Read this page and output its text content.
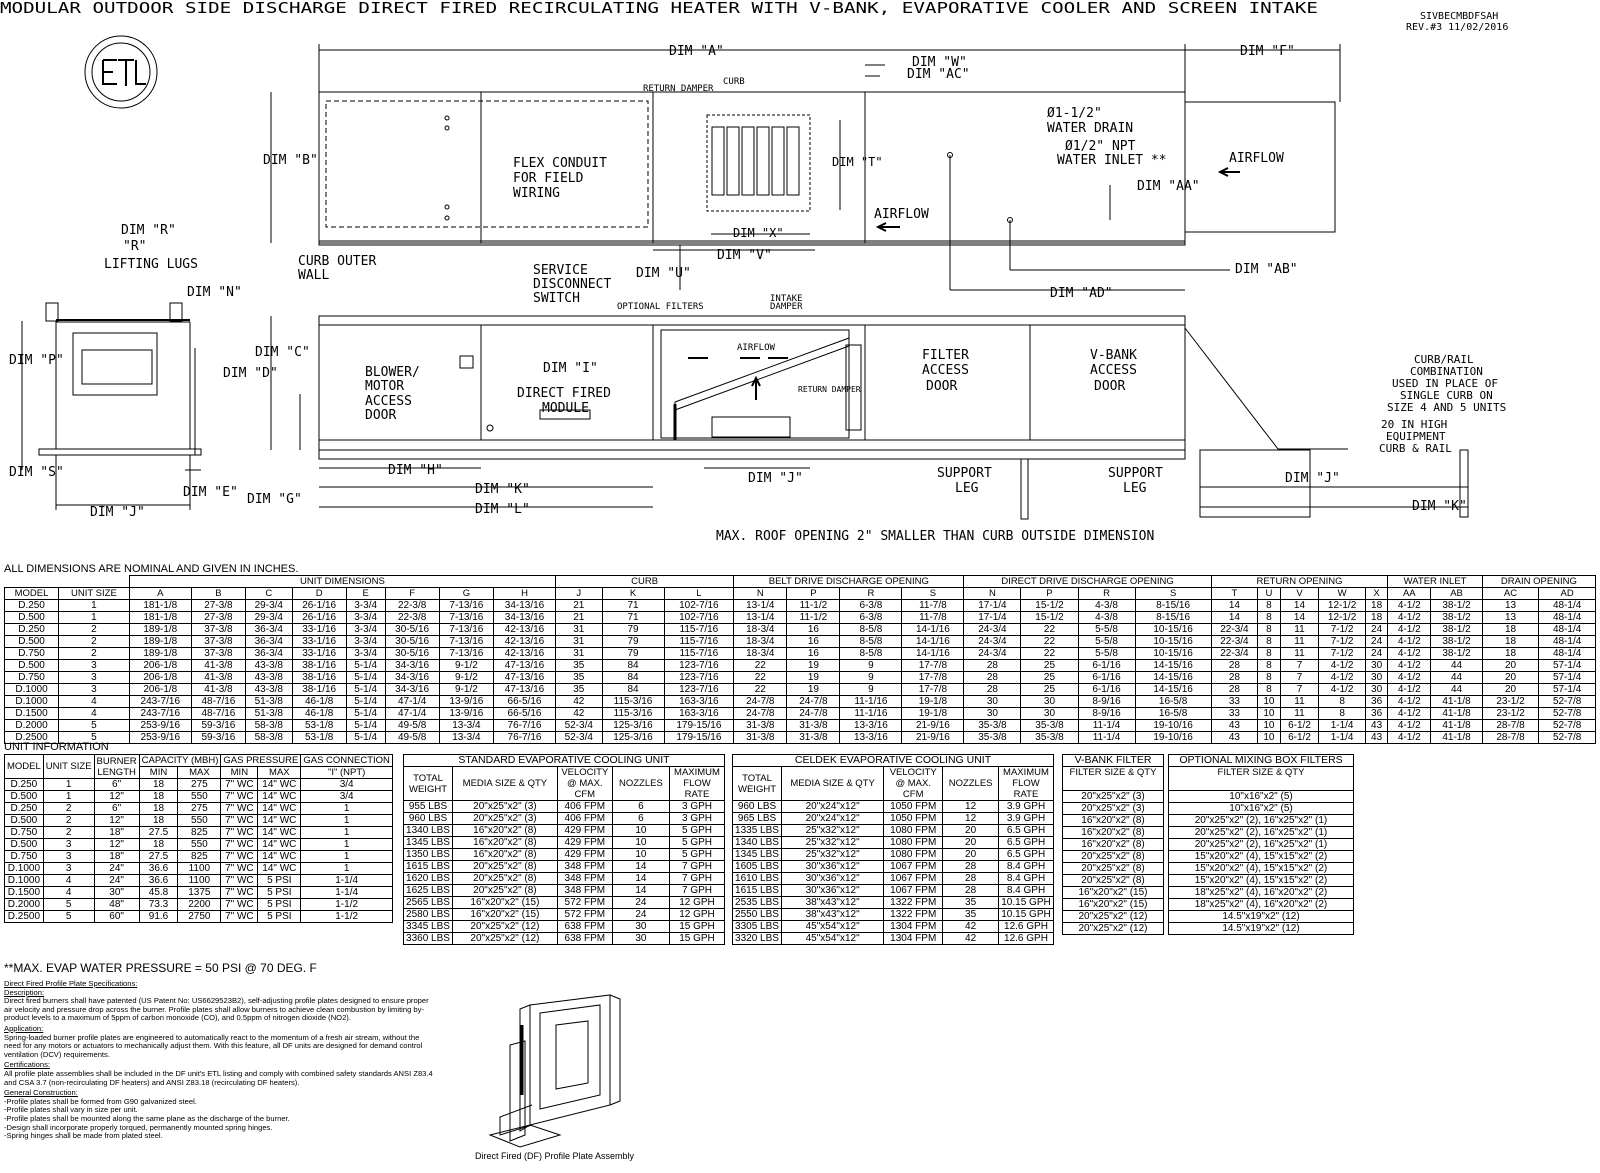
MODULAR OUTDOOR SIDE DISCHARGE DIRECT FIRED RECIRCULATING HEATER WITH V-BANK, EVAPORATIVE COOLER AND SCREEN INTAKE	SIVBECMBDFSAH
REV.#3 11/02/2016
DIM "A"
DIM "W"
DIM "AC"
DIM "F"
DIM "B"
RETURN DAMPER
CURB
FLEX CONDUIT
FOR FIELD
WIRING
DIM "T"
DIM "X"
DIM "V"
Ø1-1/2"
WATER DRAIN
Ø1/2" NPT
WATER INLET **
DIM "AA"
AIRFLOW
AIRFLOW
DIM "AB"
DIM "AD"
DIM "U"
DIM "R"
"R"
LIFTING LUGS
DIM "N"
DIM "P"
DIM "D"
DIM "S"
DIM "E" DIM "G"
DIM "J"
CURB OUTER
WALL	SERVICE
DISCONNECT
SWITCH
OPTIONAL FILTERS
INTAKE
DAMPER
DIM "C"
BLOWER/
MOTOR
ACCESS
DOOR
DIM "I"
DIRECT FIRED
MODULE
AIRFLOW
RETURN DAMPER
FILTER
ACCESS
DOOR
V-BANK
ACCESS
DOOR
CURB/RAIL
COMBINATION
USED IN PLACE OF
SINGLE CURB ON
SIZE 4 AND 5 UNITS
20 IN HIGH
EQUIPMENT
CURB & RAIL
DIM "H"
DIM "K"
DIM "L"
DIM "J"	SUPPORT
LEG
SUPPORT
LEG
DIM "J"
DIM "K"
MAX. ROOF OPENING 2" SMALLER THAN CURB OUTSIDE DIMENSION
ALL DIMENSIONS ARE NOMINAL AND GIVEN IN INCHES.
		UNIT DIMENSIONS								CURB			BELT DRIVE DISCHARGE OPENING				DIRECT DRIVE DISCHARGE OPENING				RETURN OPENING					WATER INLET		DRAIN OPENING	
MODEL	UNIT SIZE	A	B	C	D	E	F	G	H	J	K	L	N	P	R	S	N	P	R	S	T	U	V	W	X	AA	AB	AC	AD
D.250	1	181-1/8	27-3/8	29-3/4	26-1/16	3-3/4	22-3/8	7-13/16	34-13/16	21	71	102-7/16	13-1/4	11-1/2	6-3/8	11-7/8	17-1/4	15-1/2	4-3/8	8-15/16	14	8	14	12-1/2	18	4-1/2	38-1/2	13	48-1/4
D.500	1	181-1/8	27-3/8	29-3/4	26-1/16	3-3/4	22-3/8	7-13/16	34-13/16	21	71	102-7/16	13-1/4	11-1/2	6-3/8	11-7/8	17-1/4	15-1/2	4-3/8	8-15/16	14	8	14	12-1/2	18	4-1/2	38-1/2	13	48-1/4
D.250	2	189-1/8	37-3/8	36-3/4	33-1/16	3-3/4	30-5/16	7-13/16	42-13/16	31	79	115-7/16	18-3/4	16	8-5/8	14-1/16	24-3/4	22	5-5/8	10-15/16	22-3/4	8	11	7-1/2	24	4-1/2	38-1/2	18	48-1/4
D.500	2	189-1/8	37-3/8	36-3/4	33-1/16	3-3/4	30-5/16	7-13/16	42-13/16	31	79	115-7/16	18-3/4	16	8-5/8	14-1/16	24-3/4	22	5-5/8	10-15/16	22-3/4	8	11	7-1/2	24	4-1/2	38-1/2	18	48-1/4
D.750	2	189-1/8	37-3/8	36-3/4	33-1/16	3-3/4	30-5/16	7-13/16	42-13/16	31	79	115-7/16	18-3/4	16	8-5/8	14-1/16	24-3/4	22	5-5/8	10-15/16	22-3/4	8	11	7-1/2	24	4-1/2	38-1/2	18	48-1/4
D.500	3	206-1/8	41-3/8	43-3/8	38-1/16	5-1/4	34-3/16	9-1/2	47-13/16	35	84	123-7/16	22	19	9	17-7/8	28	25	6-1/16	14-15/16	28	8	7	4-1/2	30	4-1/2	44	20	57-1/4
D.750	3	206-1/8	41-3/8	43-3/8	38-1/16	5-1/4	34-3/16	9-1/2	47-13/16	35	84	123-7/16	22	19	9	17-7/8	28	25	6-1/16	14-15/16	28	8	7	4-1/2	30	4-1/2	44	20	57-1/4
D.1000	3	206-1/8	41-3/8	43-3/8	38-1/16	5-1/4	34-3/16	9-1/2	47-13/16	35	84	123-7/16	22	19	9	17-7/8	28	25	6-1/16	14-15/16	28	8	7	4-1/2	30	4-1/2	44	20	57-1/4
D.1000	4	243-7/16	48-7/16	51-3/8	46-1/8	5-1/4	47-1/4	13-9/16	66-5/16	42	115-3/16	163-3/16	24-7/8	24-7/8	11-1/16	19-1/8	30	30	8-9/16	16-5/8	33	10	11	8	36	4-1/2	41-1/8	23-1/2	52-7/8
D.1500	4	243-7/16	48-7/16	51-3/8	46-1/8	5-1/4	47-1/4	13-9/16	66-5/16	42	115-3/16	163-3/16	24-7/8	24-7/8	11-1/16	19-1/8	30	30	8-9/16	16-5/8	33	10	11	8	36	4-1/2	41-1/8	23-1/2	52-7/8
D.2000	5	253-9/16	59-3/16	58-3/8	53-1/8	5-1/4	49-5/8	13-3/4	76-7/16	52-3/4	125-3/16	179-15/16	31-3/8	31-3/8	13-3/16	21-9/16	35-3/8	35-3/8	11-1/4	19-10/16	43	10	6-1/2	1-1/4	43	4-1/2	41-1/8	28-7/8	52-7/8
D.2500	5	253-9/16	59-3/16	58-3/8	53-1/8	5-1/4	49-5/8	13-3/4	76-7/16	52-3/4	125-3/16	179-15/16	31-3/8	31-3/8	13-3/16	21-9/16	35-3/8	35-3/8	11-1/4	19-10/16	43	10	6-1/2	1-1/4	43	4-1/2	41-1/8	28-7/8	52-7/8
UNIT INFORMATION
MODEL	UNIT SIZE	BURNER LENGTH	CAPACITY (MBH)		GAS PRESSURE		GAS CONNECTION
			MIN	MAX	MIN	MAX	"I" (NPT)
D.250	1	6"	18	275	7" WC	14" WC	3/4
D.500	1	12"	18	550	7" WC	14" WC	3/4
D.250	2	6"	18	275	7" WC	14" WC	1
D.500	2	12"	18	550	7" WC	14" WC	1
D.750	2	18"	27.5	825	7" WC	14" WC	1
D.500	3	12"	18	550	7" WC	14" WC	1
D.750	3	18"	27.5	825	7" WC	14" WC	1
D.1000	3	24"	36.6	1100	7" WC	14" WC	1
D.1000	4	24"	36.6	1100	7" WC	5 PSI	1-1/4
D.1500	4	30"	45.8	1375	7" WC	5 PSI	1-1/4
D.2000	5	48"	73.3	2200	7" WC	5 PSI	1-1/2
D.2500	5	60"	91.6	2750	7" WC	5 PSI	1-1/2
STANDARD EVAPORATIVE COOLING UNIT				
TOTAL WEIGHT	MEDIA SIZE & QTY	VELOCITY @ MAX. CFM	NOZZLES	MAXIMUM FLOW RATE
955 LBS	20"x25"x2" (3)	406 FPM	6	3 GPH
960 LBS	20"x25"x2" (3)	406 FPM	6	3 GPH
1340 LBS	16"x20"x2" (8)	429 FPM	10	5 GPH
1345 LBS	16"x20"x2" (8)	429 FPM	10	5 GPH
1350 LBS	16"x20"x2" (8)	429 FPM	10	5 GPH
1615 LBS	20"x25"x2" (8)	348 FPM	14	7 GPH
1620 LBS	20"x25"x2" (8)	348 FPM	14	7 GPH
1625 LBS	20"x25"x2" (8)	348 FPM	14	7 GPH
2565 LBS	16"x20"x2" (15)	572 FPM	24	12 GPH
2580 LBS	16"x20"x2" (15)	572 FPM	24	12 GPH
3345 LBS	20"x25"x2" (12)	638 FPM	30	15 GPH
3360 LBS	20"x25"x2" (12)	638 FPM	30	15 GPH
CELDEK EVAPORATIVE COOLING UNIT				
TOTAL WEIGHT	MEDIA SIZE & QTY	VELOCITY @ MAX. CFM	NOZZLES	MAXIMUM FLOW RATE
960 LBS	20"x24"x12"	1050 FPM	12	3.9 GPH
965 LBS	20"x24"x12"	1050 FPM	12	3.9 GPH
1335 LBS	25"x32"x12"	1080 FPM	20	6.5 GPH
1340 LBS	25"x32"x12"	1080 FPM	20	6.5 GPH
1345 LBS	25"x32"x12"	1080 FPM	20	6.5 GPH
1605 LBS	30"x36"x12"	1067 FPM	28	8.4 GPH
1610 LBS	30"x36"x12"	1067 FPM	28	8.4 GPH
1615 LBS	30"x36"x12"	1067 FPM	28	8.4 GPH
2535 LBS	38"x43"x12"	1322 FPM	35	10.15 GPH
2550 LBS	38"x43"x12"	1322 FPM	35	10.15 GPH
3305 LBS	45"x54"x12"	1304 FPM	42	12.6 GPH
3320 LBS	45"x54"x12"	1304 FPM	42	12.6 GPH
V-BANK FILTER
FILTER SIZE & QTY
20"x25"x2" (3)
20"x25"x2" (3)
16"x20"x2" (8)
16"x20"x2" (8)
16"x20"x2" (8)
20"x25"x2" (8)
20"x25"x2" (8)
20"x25"x2" (8)
16"x20"x2" (15)
16"x20"x2" (15)
20"x25"x2" (12)
20"x25"x2" (12)
OPTIONAL MIXING BOX FILTERS
FILTER SIZE & QTY
10"x16"x2" (5)
10"x16"x2" (5)
20"x25"x2" (2), 16"x25"x2" (1)
20"x25"x2" (2), 16"x25"x2" (1)
20"x25"x2" (2), 16"x25"x2" (1)
15"x20"x2" (4), 15"x15"x2" (2)
15"x20"x2" (4), 15"x15"x2" (2)
15"x20"x2" (4), 15"x15"x2" (2)
18"x25"x2" (4), 16"x20"x2" (2)
18"x25"x2" (4), 16"x20"x2" (2)
14.5"x19"x2" (12)
14.5"x19"x2" (12)
**MAX. EVAP WATER PRESSURE = 50 PSI @ 70 DEG. F

Direct Fired Profile Plate Specifications:

Description:

Direct fired burners shall have patented (US Patent No: US6629523B2), self-adjusting profile plates designed to ensure proper air velocity and pressure drop across the burner. Profile plates shall allow burners to achieve clean combustion by limiting by-product levels to a maximum of 5ppm of carbon monoxide (CO), and 0.5ppm of nitrogen dioxide (NO2).

Application:

Spring-loaded burner profile plates are engineered to automatically react to the momentum of a fresh air stream, without the need for any motors or actuators to mechanically adjust them. With this feature, all DF units are designed for demand control ventilation (DCV) requirements.

Certifications:

All profile plate assemblies shall be included in the DF unit's ETL listing and comply with combined safety standards ANSI Z83.4 and CSA 3.7 (non-recirculating DF heaters) and ANSI Z83.18 (recirculating DF heaters).

General Construction:

-Profile plates shall be formed from G90 galvanized steel.

-Profile plates shall vary in size per unit.

-Profile plates shall be mounted along the same plane as the discharge of the burner.

-Design shall incorporate properly torqued, permanently mounted spring hinges.

-Spring hinges shall be made from plated steel.

Direct Fired (DF) Profile Plate Assembly
